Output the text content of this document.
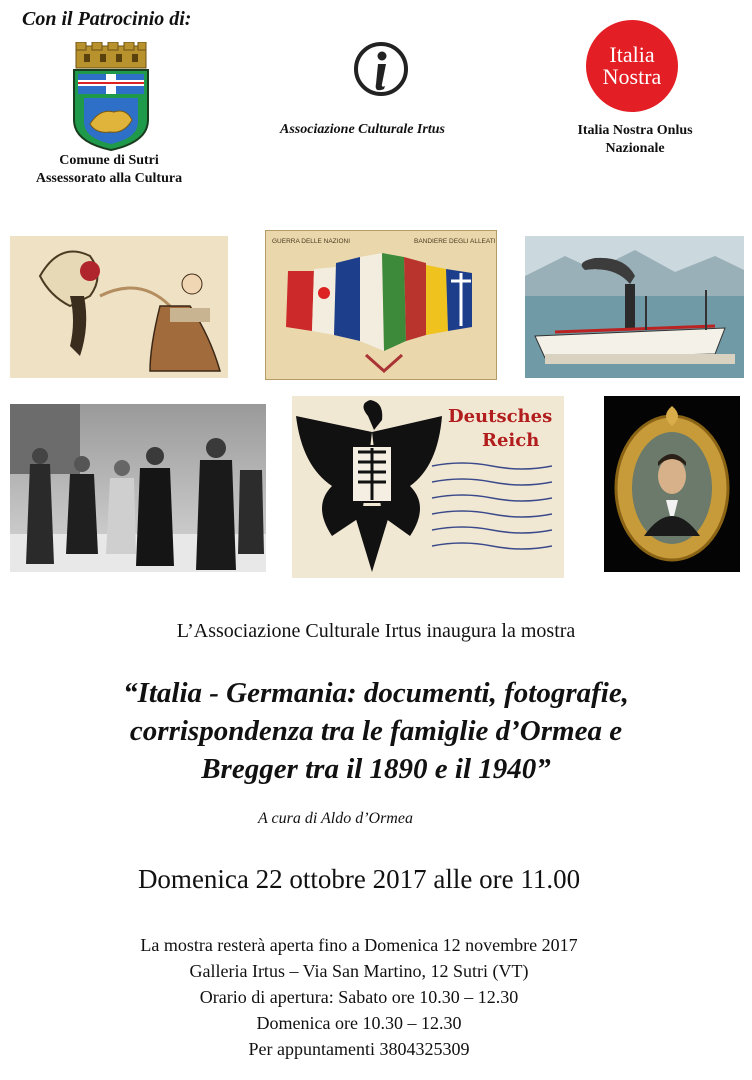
Con il Patrocinio di:
Comune di Sutri
Assessorato alla Cultura
Associazione Culturale Irtus
Italia
Nostra
Italia Nostra Onlus
Nazionale
GUERRA DELLE NAZIONI	BANDIERE DEGLI ALLEATI
Deutsches
Reich
L’Associazione Culturale Irtus inaugura la mostra
“Italia - Germania: documenti, fotografie,
corrispondenza tra le famiglie d’Ormea e
Bregger tra il 1890 e il 1940”
A cura di Aldo d’Ormea
Domenica 22 ottobre 2017 alle ore 11.00
La mostra resterà aperta fino a Domenica 12 novembre 2017
Galleria Irtus – Via San Martino, 12 Sutri (VT)
Orario di apertura: Sabato ore 10.30 – 12.30
Domenica ore 10.30 – 12.30
Per appuntamenti 3804325309
